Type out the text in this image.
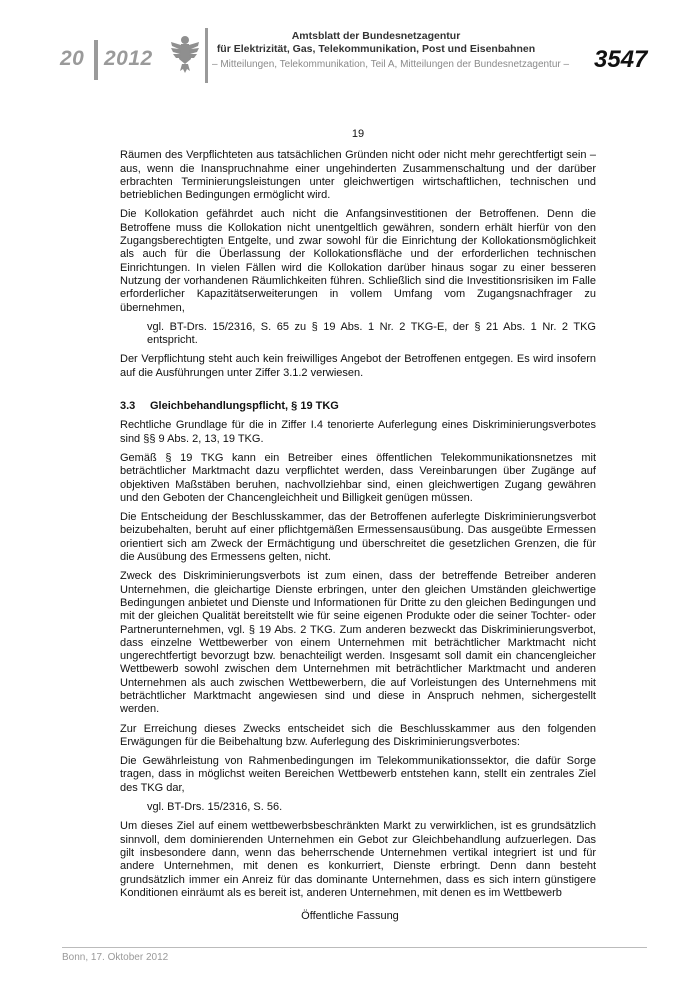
20 2012
Amtsblatt der Bundesnetzagentur
für Elektrizität, Gas, Telekommunikation, Post und Eisenbahnen
– Mitteilungen, Telekommunikation, Teil A, Mitteilungen der Bundesnetzagentur – 3547
19

Räumen des Verpflichteten aus tatsächlichen Gründen nicht oder nicht mehr gerechtfertigt sein – aus, wenn die Inanspruchnahme einer ungehinderten Zusammenschaltung und der darüber erbrachten Terminierungsleistungen unter gleichwertigen wirtschaftlichen, technischen und betrieblichen Bedingungen ermöglicht wird.

Die Kollokation gefährdet auch nicht die Anfangsinvestitionen der Betroffenen. Denn die Betroffene muss die Kollokation nicht unentgeltlich gewähren, sondern erhält hierfür von den Zugangsberechtigten Entgelte, und zwar sowohl für die Einrichtung der Kollokationsmöglichkeit als auch für die Überlassung der Kollokationsfläche und der erforderlichen technischen Einrichtungen. In vielen Fällen wird die Kollokation darüber hinaus sogar zu einer besseren Nutzung der vorhandenen Räumlichkeiten führen. Schließlich sind die Investitionsrisiken im Falle erforderlicher Kapazitätserweiterungen in vollem Umfang vom Zugangsnachfrager zu übernehmen,

vgl. BT-Drs. 15/2316, S. 65 zu § 19 Abs. 1 Nr. 2 TKG-E, der § 21 Abs. 1 Nr. 2 TKG entspricht.

Der Verpflichtung steht auch kein freiwilliges Angebot der Betroffenen entgegen. Es wird insofern auf die Ausführungen unter Ziffer 3.1.2 verwiesen.

3.3	Gleichbehandlungspflicht, § 19 TKG

Rechtliche Grundlage für die in Ziffer I.4 tenorierte Auferlegung eines Diskriminierungsverbotes sind §§ 9 Abs. 2, 13, 19 TKG.

Gemäß § 19 TKG kann ein Betreiber eines öffentlichen Telekommunikationsnetzes mit beträchtlicher Marktmacht dazu verpflichtet werden, dass Vereinbarungen über Zugänge auf objektiven Maßstäben beruhen, nachvollziehbar sind, einen gleichwertigen Zugang gewähren und den Geboten der Chancengleichheit und Billigkeit genügen müssen.

Die Entscheidung der Beschlusskammer, das der Betroffenen auferlegte Diskriminierungsverbot beizubehalten, beruht auf einer pflichtgemäßen Ermessensausübung. Das ausgeübte Ermessen orientiert sich am Zweck der Ermächtigung und überschreitet die gesetzlichen Grenzen, die für die Ausübung des Ermessens gelten, nicht.

Zweck des Diskriminierungsverbots ist zum einen, dass der betreffende Betreiber anderen Unternehmen, die gleichartige Dienste erbringen, unter den gleichen Umständen gleichwertige Bedingungen anbietet und Dienste und Informationen für Dritte zu den gleichen Bedingungen und mit der gleichen Qualität bereitstellt wie für seine eigenen Produkte oder die seiner Tochter- oder Partnerunternehmen, vgl. § 19 Abs. 2 TKG. Zum anderen bezweckt das Diskriminierungsverbot, dass einzelne Wettbewerber von einem Unternehmen mit beträchtlicher Marktmacht nicht ungerechtfertigt bevorzugt bzw. benachteiligt werden. Insgesamt soll damit ein chancengleicher Wettbewerb sowohl zwischen dem Unternehmen mit beträchtlicher Marktmacht und anderen Unternehmen als auch zwischen Wettbewerbern, die auf Vorleistungen des Unternehmens mit beträchtlicher Marktmacht angewiesen sind und diese in Anspruch nehmen, sichergestellt werden.

Zur Erreichung dieses Zwecks entscheidet sich die Beschlusskammer aus den folgenden Erwägungen für die Beibehaltung bzw. Auferlegung des Diskriminierungsverbotes:

Die Gewährleistung von Rahmenbedingungen im Telekommunikationssektor, die dafür Sorge tragen, dass in möglichst weiten Bereichen Wettbewerb entstehen kann, stellt ein zentrales Ziel des TKG dar,

vgl. BT-Drs. 15/2316, S. 56.

Um dieses Ziel auf einem wettbewerbsbeschränkten Markt zu verwirklichen, ist es grundsätzlich sinnvoll, dem dominierenden Unternehmen ein Gebot zur Gleichbehandlung aufzuerlegen. Das gilt insbesondere dann, wenn das beherrschende Unternehmen vertikal integriert ist und für andere Unternehmen, mit denen es konkurriert, Dienste erbringt. Denn dann besteht grundsätzlich immer ein Anreiz für das dominante Unternehmen, dass es sich intern günstigere Konditionen einräumt als es bereit ist, anderen Unternehmen, mit denen es im Wettbewerb

Öffentliche Fassung
Bonn, 17. Oktober 2012
